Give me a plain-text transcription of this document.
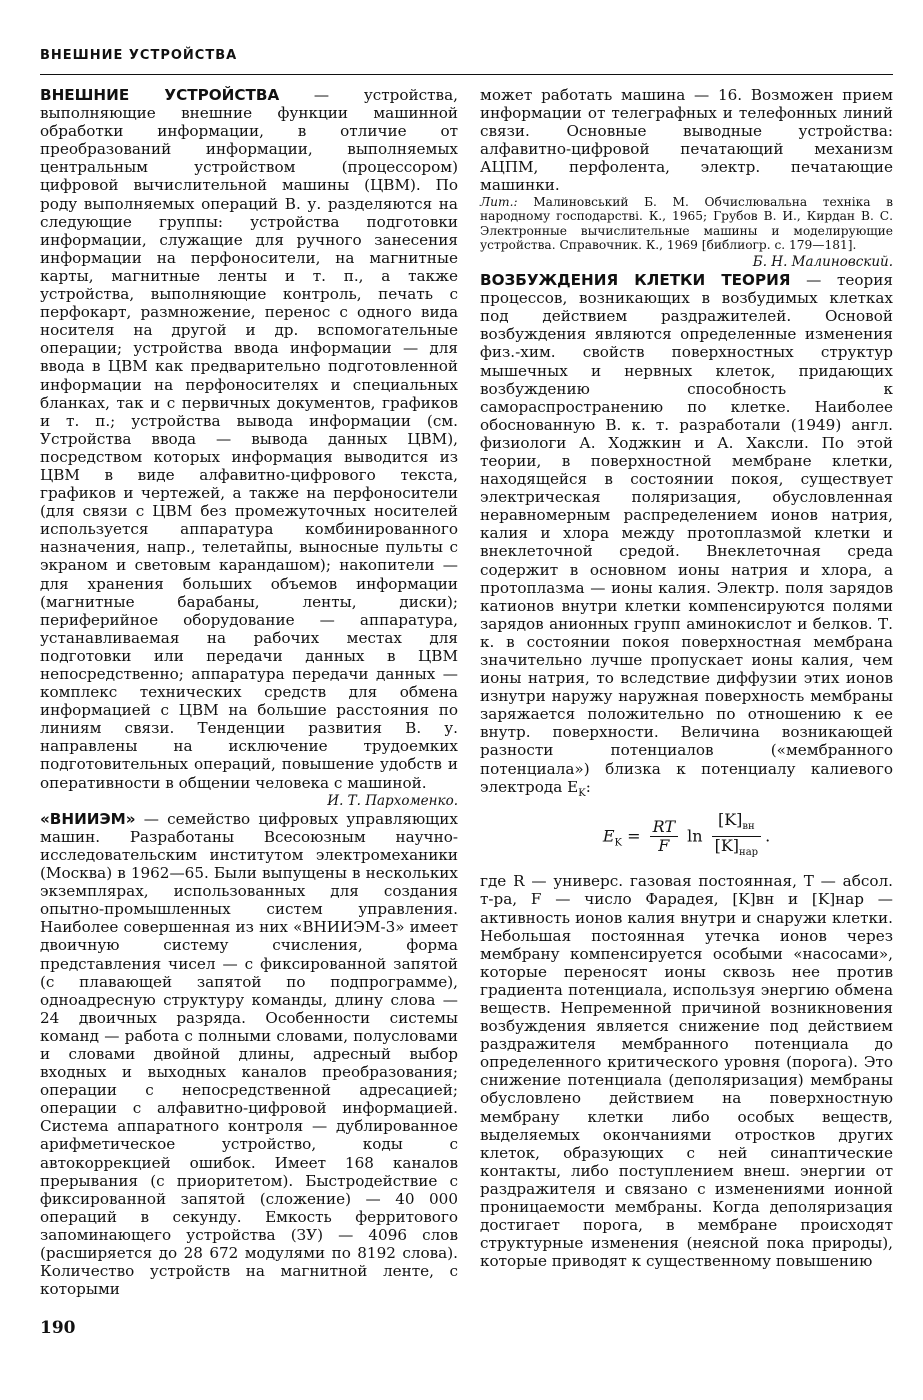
ВНЕШНИЕ УСТРОЙСТВА

ВНЕШНИЕ УСТРОЙСТВА — устройства, выполняющие внешние функции машинной обработки информации, в отличие от преобразований информации, выполняемых центральным устройством (процессором) цифровой вычислительной машины (ЦВМ). По роду выполняемых операций В. у. разделяются на следующие группы: устройства подготовки информации, служащие для ручного занесения информации на перфоносители, на магнитные карты, магнитные ленты и т. п., а также устройства, выполняющие контроль, печать с перфокарт, размножение, перенос с одного вида носителя на другой и др. вспомогательные операции; устройства ввода информации — для ввода в ЦВМ как предварительно подготовленной информации на перфоносителях и специальных бланках, так и с первичных документов, графиков и т. п.; устройства вывода информации (см. Устройства ввода — вывода данных ЦВМ), посредством которых информация выводится из ЦВМ в виде алфавитно-цифрового текста, графиков и чертежей, а также на перфоносители (для связи с ЦВМ без промежуточных носителей используется аппаратура комбинированного назначения, напр., телетайпы, выносные пульты с экраном и световым карандашом); накопители — для хранения больших объемов информации (магнитные барабаны, ленты, диски); периферийное оборудование — аппаратура, устанавливаемая на рабочих местах для подготовки или передачи данных в ЦВМ непосредственно; аппаратура передачи данных — комплекс технических средств для обмена информацией с ЦВМ на большие расстояния по линиям связи. Тенденции развития В. у. направлены на исключение трудоемких подготовительных операций, повышение удобств и оперативности в общении человека с машиной.

И. Т. Пархоменко.

«ВНИИЭМ» — семейство цифровых управляющих машин. Разработаны Всесоюзным научно-исследовательским институтом электромеханики (Москва) в 1962—65. Были выпущены в нескольких экземплярах, использованных для создания опытно-промышленных систем управления. Наиболее совершенная из них «ВНИИЭМ-3» имеет двоичную систему счисления, форма представления чисел — с фиксированной запятой (с плавающей запятой по подпрограмме), одноадресную структуру команды, длину слова — 24 двоичных разряда. Особенности системы команд — работа с полными словами, полусловами и словами двойной длины, адресный выбор входных и выходных каналов преобразования; операции с непосредственной адресацией; операции с алфавитно-цифровой информацией. Система аппаратного контроля — дублированное арифметическое устройство, коды с автокоррекцией ошибок. Имеет 168 каналов прерывания (с приоритетом). Быстродействие с фиксированной запятой (сложение) — 40 000 операций в секунду. Емкость ферритового запоминающего устройства (ЗУ) — 4096 слов (расширяется до 28 672 модулями по 8192 слова). Количество устройств на магнитной ленте, с которыми

может работать машина — 16. Возможен прием информации от телеграфных и телефонных линий связи. Основные выводные устройства: алфавитно-цифровой печатающий механизм АЦПМ, перфолента, электр. печатающие машинки.

Лит.: Малиновський Б. М. Обчислювальна техніка в народному господарстві. К., 1965; Грубов В. И., Кирдан В. С. Электронные вычислительные машины и моделирующие устройства. Справочник. К., 1969 [библиогр. с. 179—181].

Б. Н. Малиновский.

ВОЗБУЖДЕНИЯ КЛЕТКИ ТЕОРИЯ — теория процессов, возникающих в возбудимых клетках под действием раздражителей. Основой возбуждения являются определенные изменения физ.-хим. свойств поверхностных структур мышечных и нервных клеток, придающих возбуждению способность к самораспространению по клетке. Наиболее обоснованную В. к. т. разработали (1949) англ. физиологи А. Ходжкин и А. Хаксли. По этой теории, в поверхностной мембране клетки, находящейся в состоянии покоя, существует электрическая поляризация, обусловленная неравномерным распределением ионов натрия, калия и хлора между протоплазмой клетки и внеклеточной средой. Внеклеточная среда содержит в основном ионы натрия и хлора, а протоплазма — ионы калия. Электр. поля зарядов катионов внутри клетки компенсируются полями зарядов анионных групп аминокислот и белков. Т. к. в состоянии покоя поверхностная мембрана значительно лучше пропускает ионы калия, чем ионы натрия, то вследствие диффузии этих ионов изнутри наружу наружная поверхность мембраны заряжается положительно по отношению к ее внутр. поверхности. Величина возникающей разности потенциалов («мембранного потенциала») близка к потенциалу калиевого электрода $E_K$:

$E_K = \frac{RT}{F}$ $\ln \frac{[K]_{вн}}{[K]_{нар}}$ .

где R — универс. газовая постоянная, T — абсол. т-ра, F — число Фарадея, [K]вн и [K]нар — активность ионов калия внутри и снаружи клетки. Небольшая постоянная утечка ионов через мембрану компенсируется особыми «насосами», которые переносят ионы сквозь нее против градиента потенциала, используя энергию обмена веществ. Непременной причиной возникновения возбуждения является снижение под действием раздражителя мембранного потенциала до определенного критического уровня (порога). Это снижение потенциала (деполяризация) мембраны обусловлено действием на поверхностную мембрану клетки либо особых веществ, выделяемых окончаниями отростков других клеток, образующих с ней синаптические контакты, либо поступлением внеш. энергии от раздражителя и связано с изменениями ионной проницаемости мембраны. Когда деполяризация достигает порога, в мембране происходят структурные изменения (неясной пока природы), которые приводят к существенному повышению

190
